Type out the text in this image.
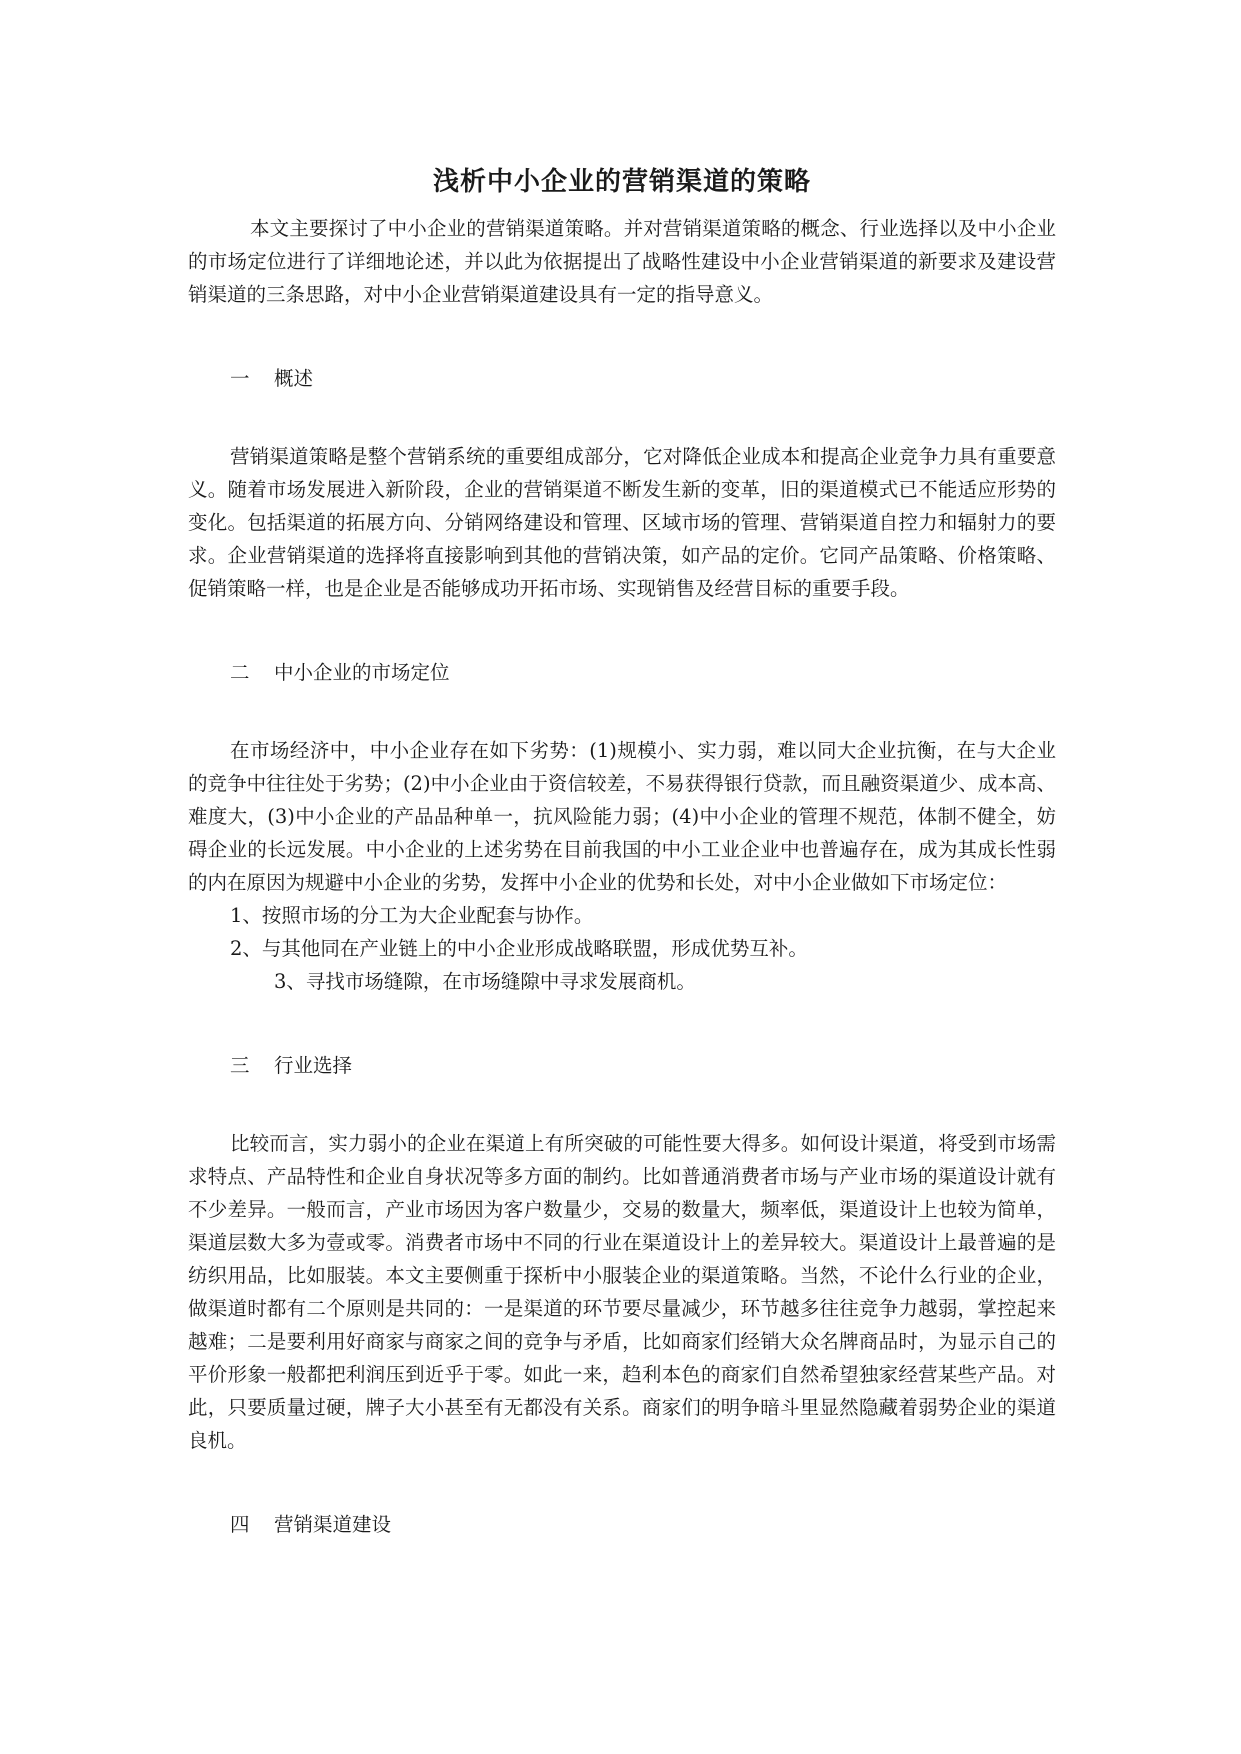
浅析中小企业的营销渠道的策略

本文主要探讨了中小企业的营销渠道策略。并对营销渠道策略的概念、行业选择以及中小企业的市场定位进行了详细地论述，并以此为依据提出了战略性建设中小企业营销渠道的新要求及建设营销渠道的三条思路，对中小企业营销渠道建设具有一定的指导意义。

一 概述

营销渠道策略是整个营销系统的重要组成部分，它对降低企业成本和提高企业竞争力具有重要意义。随着市场发展进入新阶段，企业的营销渠道不断发生新的变革，旧的渠道模式已不能适应形势的变化。包括渠道的拓展方向、分销网络建设和管理、区域市场的管理、营销渠道自控力和辐射力的要求。企业营销渠道的选择将直接影响到其他的营销决策，如产品的定价。它同产品策略、价格策略、促销策略一样，也是企业是否能够成功开拓市场、实现销售及经营目标的重要手段。

二 中小企业的市场定位

在市场经济中，中小企业存在如下劣势：(1)规模小、实力弱，难以同大企业抗衡，在与大企业的竞争中往往处于劣势；(2)中小企业由于资信较差，不易获得银行贷款，而且融资渠道少、成本高、难度大，(3)中小企业的产品品种单一，抗风险能力弱；(4)中小企业的管理不规范，体制不健全，妨碍企业的长远发展。中小企业的上述劣势在目前我国的中小工业企业中也普遍存在，成为其成长性弱的内在原因为规避中小企业的劣势，发挥中小企业的优势和长处，对中小企业做如下市场定位：

1、按照市场的分工为大企业配套与协作。

2、与其他同在产业链上的中小企业形成战略联盟，形成优势互补。

3、寻找市场缝隙，在市场缝隙中寻求发展商机。

三 行业选择

比较而言，实力弱小的企业在渠道上有所突破的可能性要大得多。如何设计渠道，将受到市场需求特点、产品特性和企业自身状况等多方面的制约。比如普通消费者市场与产业市场的渠道设计就有不少差异。一般而言，产业市场因为客户数量少，交易的数量大，频率低，渠道设计上也较为简单，渠道层数大多为壹或零。消费者市场中不同的行业在渠道设计上的差异较大。渠道设计上最普遍的是纺织用品，比如服装。本文主要侧重于探析中小服装企业的渠道策略。当然，不论什么行业的企业，做渠道时都有二个原则是共同的：一是渠道的环节要尽量减少，环节越多往往竞争力越弱，掌控起来越难；二是要利用好商家与商家之间的竞争与矛盾，比如商家们经销大众名牌商品时，为显示自己的平价形象一般都把利润压到近乎于零。如此一来，趋利本色的商家们自然希望独家经营某些产品。对此，只要质量过硬，牌子大小甚至有无都没有关系。商家们的明争暗斗里显然隐藏着弱势企业的渠道良机。

四 营销渠道建设
